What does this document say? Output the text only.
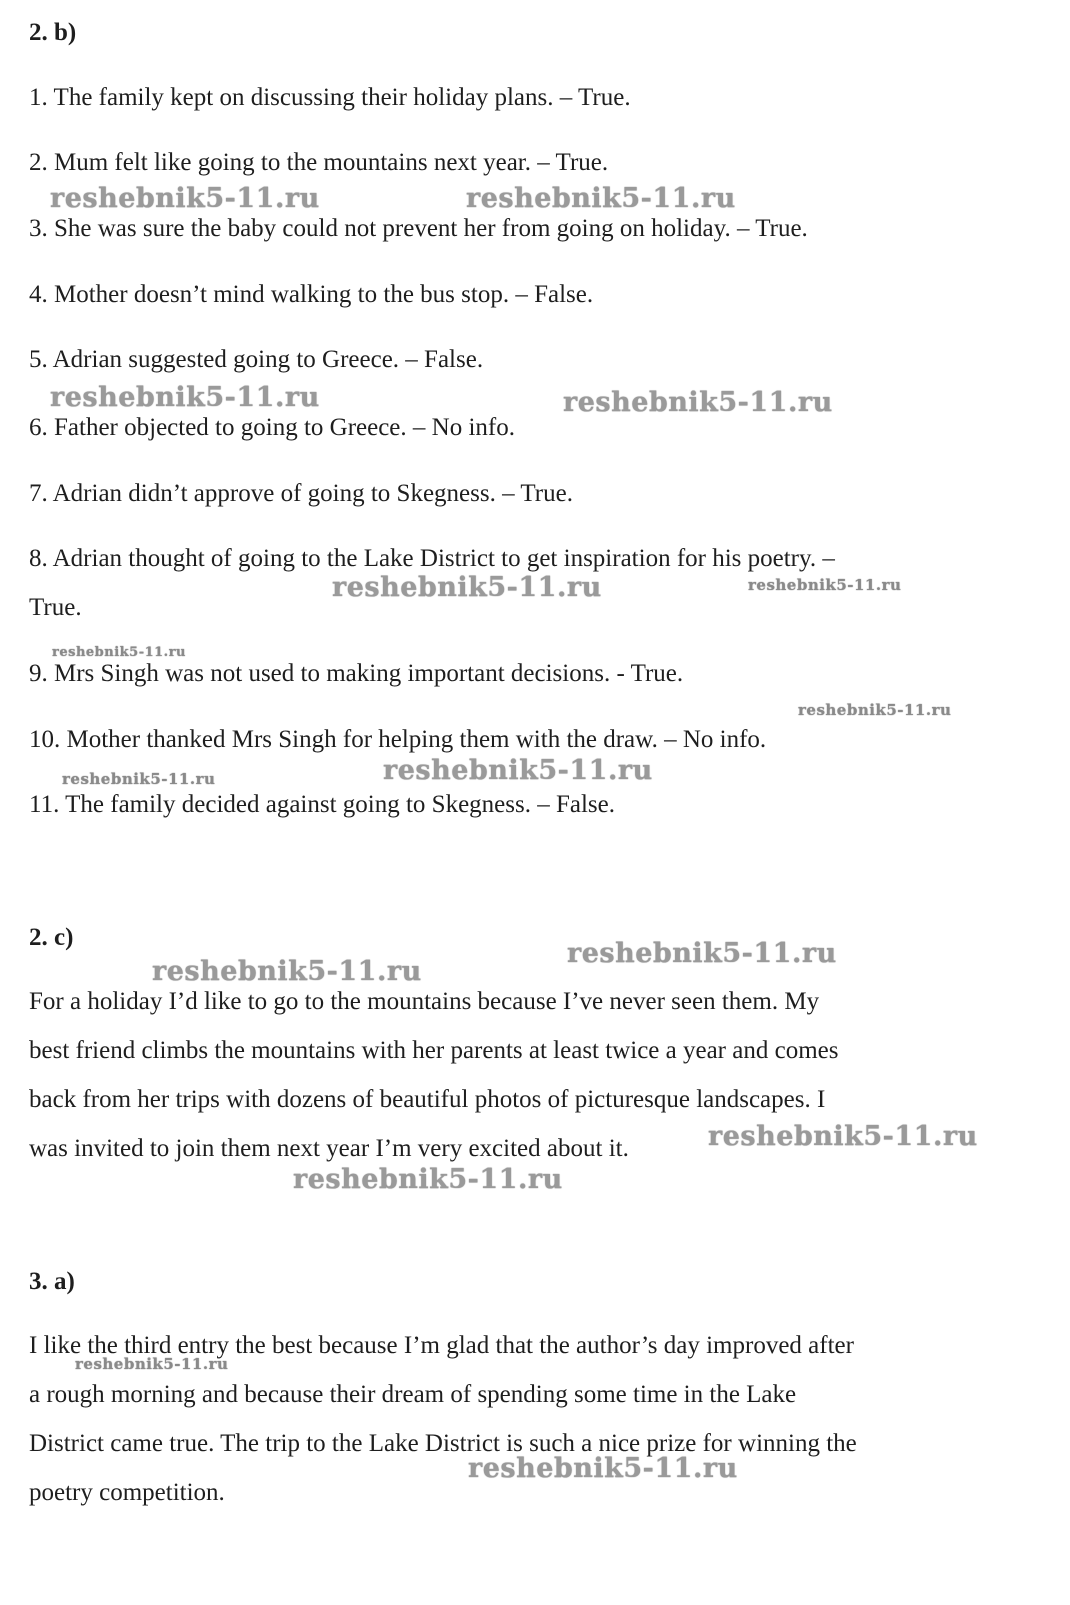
2. b)
1. The family kept on discussing their holiday plans. – True.
2. Mum felt like going to the mountains next year. – True.
3. She was sure the baby could not prevent her from going on holiday. – True.
4. Mother doesn’t mind walking to the bus stop. – False.
5. Adrian suggested going to Greece. – False.
6. Father objected to going to Greece. – No info.
7. Adrian didn’t approve of going to Skegness. – True.
8. Adrian thought of going to the Lake District to get inspiration for his poetry. –
True.
9. Mrs Singh was not used to making important decisions. - True.
10. Mother thanked Mrs Singh for helping them with the draw. – No info.
11. The family decided against going to Skegness. – False.
2. c)
For a holiday I’d like to go to the mountains because I’ve never seen them. My
best friend climbs the mountains with her parents at least twice a year and comes
back from her trips with dozens of beautiful photos of picturesque landscapes. I
was invited to join them next year I’m very excited about it.
3. a)
I like the third entry the best because I’m glad that the author’s day improved after
a rough morning and because their dream of spending some time in the Lake
District came true. The trip to the Lake District is such a nice prize for winning the
poetry competition.
reshebnik5-11.ru	reshebnik5-11.ru
reshebnik5-11.ru	reshebnik5-11.ru
reshebnik5-11.ru	reshebnik5-11.ru
reshebnik5-11.ru
reshebnik5-11.ru
reshebnik5-11.ru	reshebnik5-11.ru
reshebnik5-11.ru
reshebnik5-11.ru
reshebnik5-11.ru
reshebnik5-11.ru
reshebnik5-11.ru
reshebnik5-11.ru
